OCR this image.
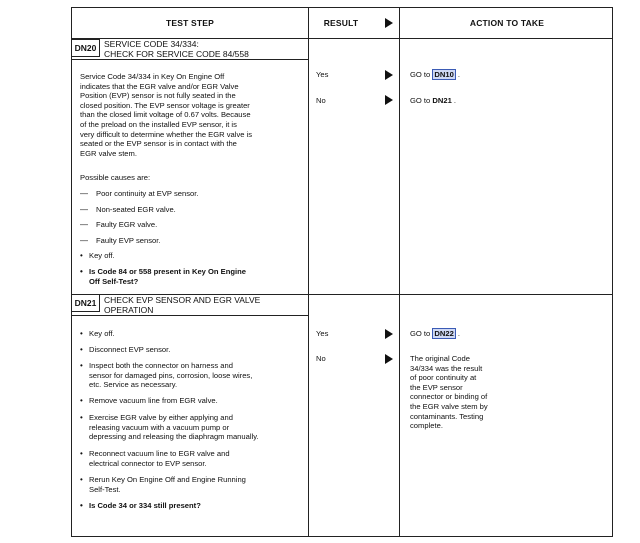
TEST STEP	RESULT	ACTION TO TAKE
DN20 SERVICE CODE 34/334:
CHECK FOR SERVICE CODE 84/558
Service Code 34/334 in Key On Engine Off
indicates that the EGR valve and/or EGR Valve
Position (EVP) sensor is not fully seated in the
closed position. The EVP sensor voltage is greater
than the closed limit voltage of 0.67 volts. Because
of the preload on the installed EVP sensor, it is
very difficult to determine whether the EGR valve is
seated or the EVP sensor is in contact with the
EGR valve stem.
Possible causes are:
— Poor continuity at EVP sensor.
— Non-seated EGR valve.
— Faulty EGR valve.
— Faulty EVP sensor.
• Key off.
• Is Code 84 or 558 present in Key On Engine
Off Self-Test?
Yes	GO to DN10 .
No	GO to DN21 .
DN21 CHECK EVP SENSOR AND EGR VALVE
OPERATION
• Key off.
• Disconnect EVP sensor.
• Inspect both the connector on harness and
sensor for damaged pins, corrosion, loose wires,
etc. Service as necessary.
• Remove vacuum line from EGR valve.
• Exercise EGR valve by either applying and
releasing vacuum with a vacuum pump or
depressing and releasing the diaphragm manually.
• Reconnect vacuum line to EGR valve and
electrical connector to EVP sensor.
• Rerun Key On Engine Off and Engine Running
Self-Test.
• Is Code 34 or 334 still present?
Yes	GO to DN22 .
No	The original Code
34/334 was the result
of poor continuity at
the EVP sensor
connector or binding of
the EGR valve stem by
contaminants. Testing
complete.
